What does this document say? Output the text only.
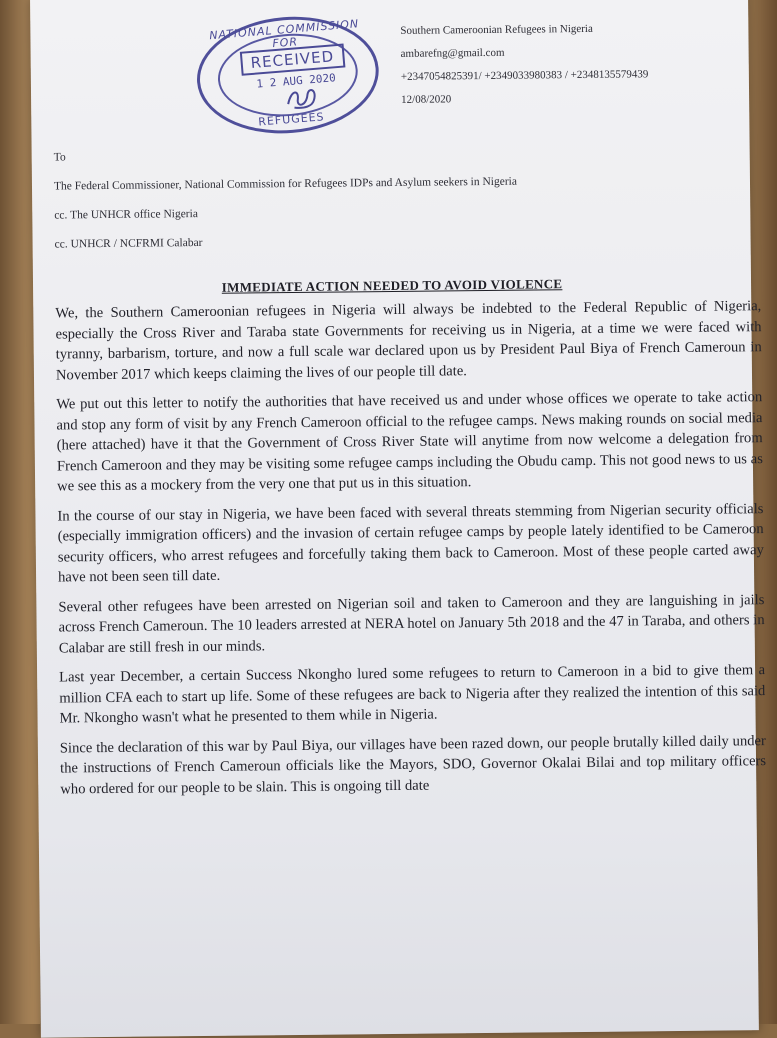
NATIONAL COMMISSION FOR
RECEIVED
1 2 AUG 2020
REFUGEES
Southern Cameroonian Refugees in Nigeria
ambarefng@gmail.com
+2347054825391/ +2349033980383 / +2348135579439
12/08/2020
To
The Federal Commissioner, National Commission for Refugees IDPs and Asylum seekers in Nigeria
cc. The UNHCR office Nigeria
cc. UNHCR / NCFRMI Calabar
IMMEDIATE ACTION NEEDED TO AVOID VIOLENCE

We, the Southern Cameroonian refugees in Nigeria will always be indebted to the Federal Republic of Nigeria, especially the Cross River and Taraba state Governments for receiving us in Nigeria, at a time we were faced with tyranny, barbarism, torture, and now a full scale war declared upon us by President Paul Biya of French Cameroun in November 2017 which keeps claiming the lives of our people till date.

We put out this letter to notify the authorities that have received us and under whose offices we operate to take action and stop any form of visit by any French Cameroon official to the refugee camps. News making rounds on social media (here attached) have it that the Government of Cross River State will anytime from now welcome a delegation from French Cameroon and they may be visiting some refugee camps including the Obudu camp. This not good news to us as we see this as a mockery from the very one that put us in this situation.

In the course of our stay in Nigeria, we have been faced with several threats stemming from Nigerian security officials (especially immigration officers) and the invasion of certain refugee camps by people lately identified to be Cameroon security officers, who arrest refugees and forcefully taking them back to Cameroon. Most of these people carted away have not been seen till date.

Several other refugees have been arrested on Nigerian soil and taken to Cameroon and they are languishing in jails across French Cameroun. The 10 leaders arrested at NERA hotel on January 5th 2018 and the 47 in Taraba, and others in Calabar are still fresh in our minds.

Last year December, a certain Success Nkongho lured some refugees to return to Cameroon in a bid to give them a million CFA each to start up life. Some of these refugees are back to Nigeria after they realized the intention of this said Mr. Nkongho wasn't what he presented to them while in Nigeria.

Since the declaration of this war by Paul Biya, our villages have been razed down, our people brutally killed daily under the instructions of French Cameroun officials like the Mayors, SDO, Governor Okalai Bilai and top military officers who ordered for our people to be slain. This is ongoing till date
